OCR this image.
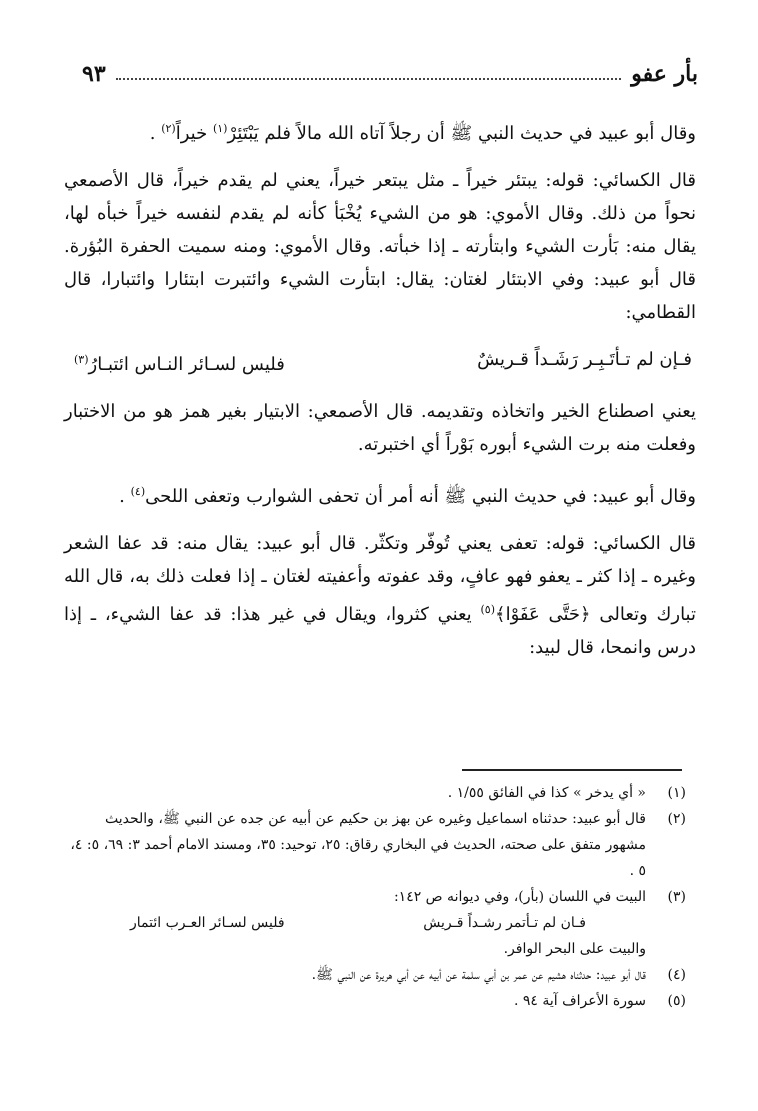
بأر عفو
٩٣

وقال أبو عبيد في حديث النبي ﷺ أن رجلاً آتاه الله مالاً فلم يَبْتَئِرْ$^{(١)}$ خيراً$^{(٢)}$ .

قال الكسائي: قوله: يبتئر خيراً ـ مثل يبتعر خيراً، يعني لم يقدم خيراً، قال الأصمعي نحواً من ذلك. وقال الأموي: هو من الشيء يُخْبَأ كأنه لم يقدم لنفسه خيراً خبأه لها، يقال منه: بَأرت الشيء وابتأرته ـ إذا خبأته. وقال الأموي: ومنه سميت الحفرة البُؤرة. قال أبو عبيد: وفي الابتئار لغتان: يقال: ابتأرت الشيء وائتبرت ابتئارا وائتبارا، قال القطامي:

فـإن لم تـأتَـبِـر رَشَـداً قـريشٌ
فليس لسـائر النـاس ائتبـارُ$^{(٣)}$

يعني اصطناع الخير واتخاذه وتقديمه. قال الأصمعي: الابتيار بغير همز هو من الاختبار وفعلت منه برت الشيء أبوره بَوْراً أي اختبرته.

وقال أبو عبيد: في حديث النبي ﷺ أنه أمر أن تحفى الشوارب وتعفى اللحى$^{(٤)}$ .

قال الكسائي: قوله: تعفى يعني تُوفّر وتكثّر. قال أبو عبيد: يقال منه: قد عفا الشعر وغيره ـ إذا كثر ـ يعفو فهو عافٍ، وقد عفوته وأعفيته لغتان ـ إذا فعلت ذلك به، قال الله تبارك وتعالى ﴿حَتَّى عَفَوْا﴾$^{(٥)}$ يعني كثروا، ويقال في غير هذا: قد عفا الشيء، ـ إذا درس وانمحا، قال لبيد:

(١)
« أي يدخر » كذا في الفائق ١/٥٥ .
(٢)
قال أبو عبيد: حدثناه اسماعيل وغيره عن بهز بن حكيم عن أبيه عن جده عن النبي ﷺ، والحديث مشهور متفق على صحته، الحديث في البخاري رقاق: ٢٥، توحيد: ٣٥، ومسند الامام أحمد ٣: ٦٩، ٥: ٤، ٥ .
(٣)
البيت في اللسان (بأر)، وفي ديوانه ص ١٤٢:
فـان لم تـأتمر رشـداً قـريش
فليس لسـائر العـرب ائتمار
والبيت على البحر الوافر.
(٤)
قال أبو عبيد: حدثناه هشيم عن عمر بن أبي سلمة عن أبيه عن أبي هريرة عن النبي ﷺ.
(٥)
سورة الأعراف آية ٩٤ .
